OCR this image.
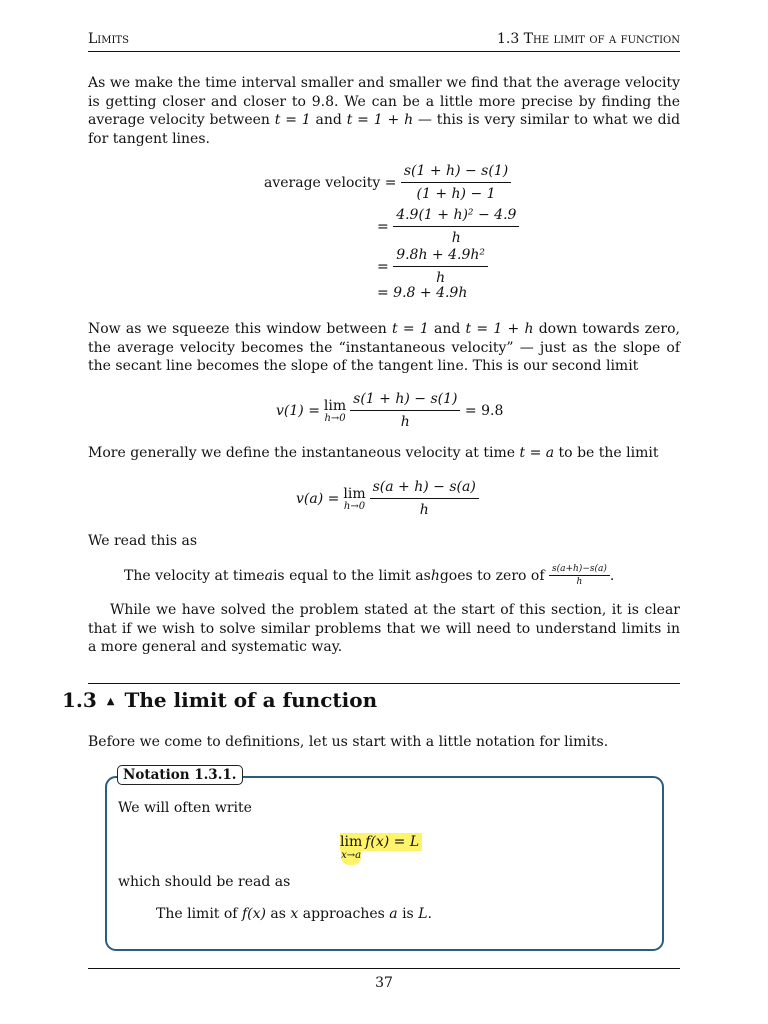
Limits	1.3 The limit of a function
As we make the time interval smaller and smaller we find that the average velocity is getting closer and closer to 9.8. We can be a little more precise by finding the average velocity between t = 1 and t = 1 + h — this is very similar to what we did for tangent lines.
average velocity
=
$\frac{s(1 + h) - s(1)}{(1 + h) - 1}$
=
$\frac{\text{4.9(1 + h)² − 4.9}}{h}$
=
$\frac{\text{9.8h + 4.9h²}}{h}$
= 9.8 + 4.9h
Now as we squeeze this window between t = 1 and t = 1 + h down towards zero, the average velocity becomes the “instantaneous velocity” — just as the slope of the secant line becomes the slope of the tangent line. This is our second limit
v(1) = lim
$h\to 0 \frac{s(1 + h) - s(1)}{h}$
= 9.8
More generally we define the instantaneous velocity at time t = a to be the limit
v(a) = lim
$h\to 0 \frac{s(a + h) - s(a)}{h}$
We read this as
The velocity at time a is equal to the limit as h goes to zero of
$\frac{s(a+h)-s(a)}{h}$ .
While we have solved the problem stated at the start of this section, it is clear that if we wish to solve similar problems that we will need to understand limits in a more general and systematic way.
1.3 ▲ The limit of a function
Before we come to definitions, let us start with a little notation for limits.
Notation 1.3.1.
We will often write
lim
x→a
f(x) = L
which should be read as
The limit of f(x) as x approaches a is L.
37
